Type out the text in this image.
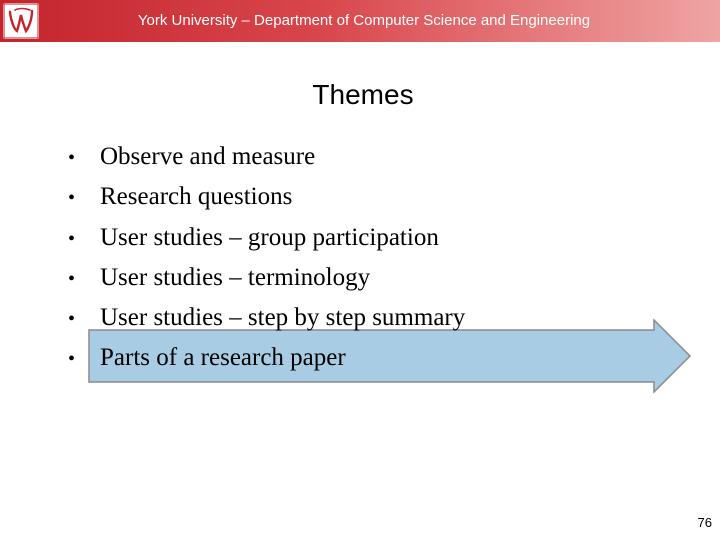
York University – Department of Computer Science and Engineering
Themes
• Observe and measure
• Research questions
• User studies – group participation
• User studies – terminology
• User studies – step by step summary
• Parts of a research paper
76
